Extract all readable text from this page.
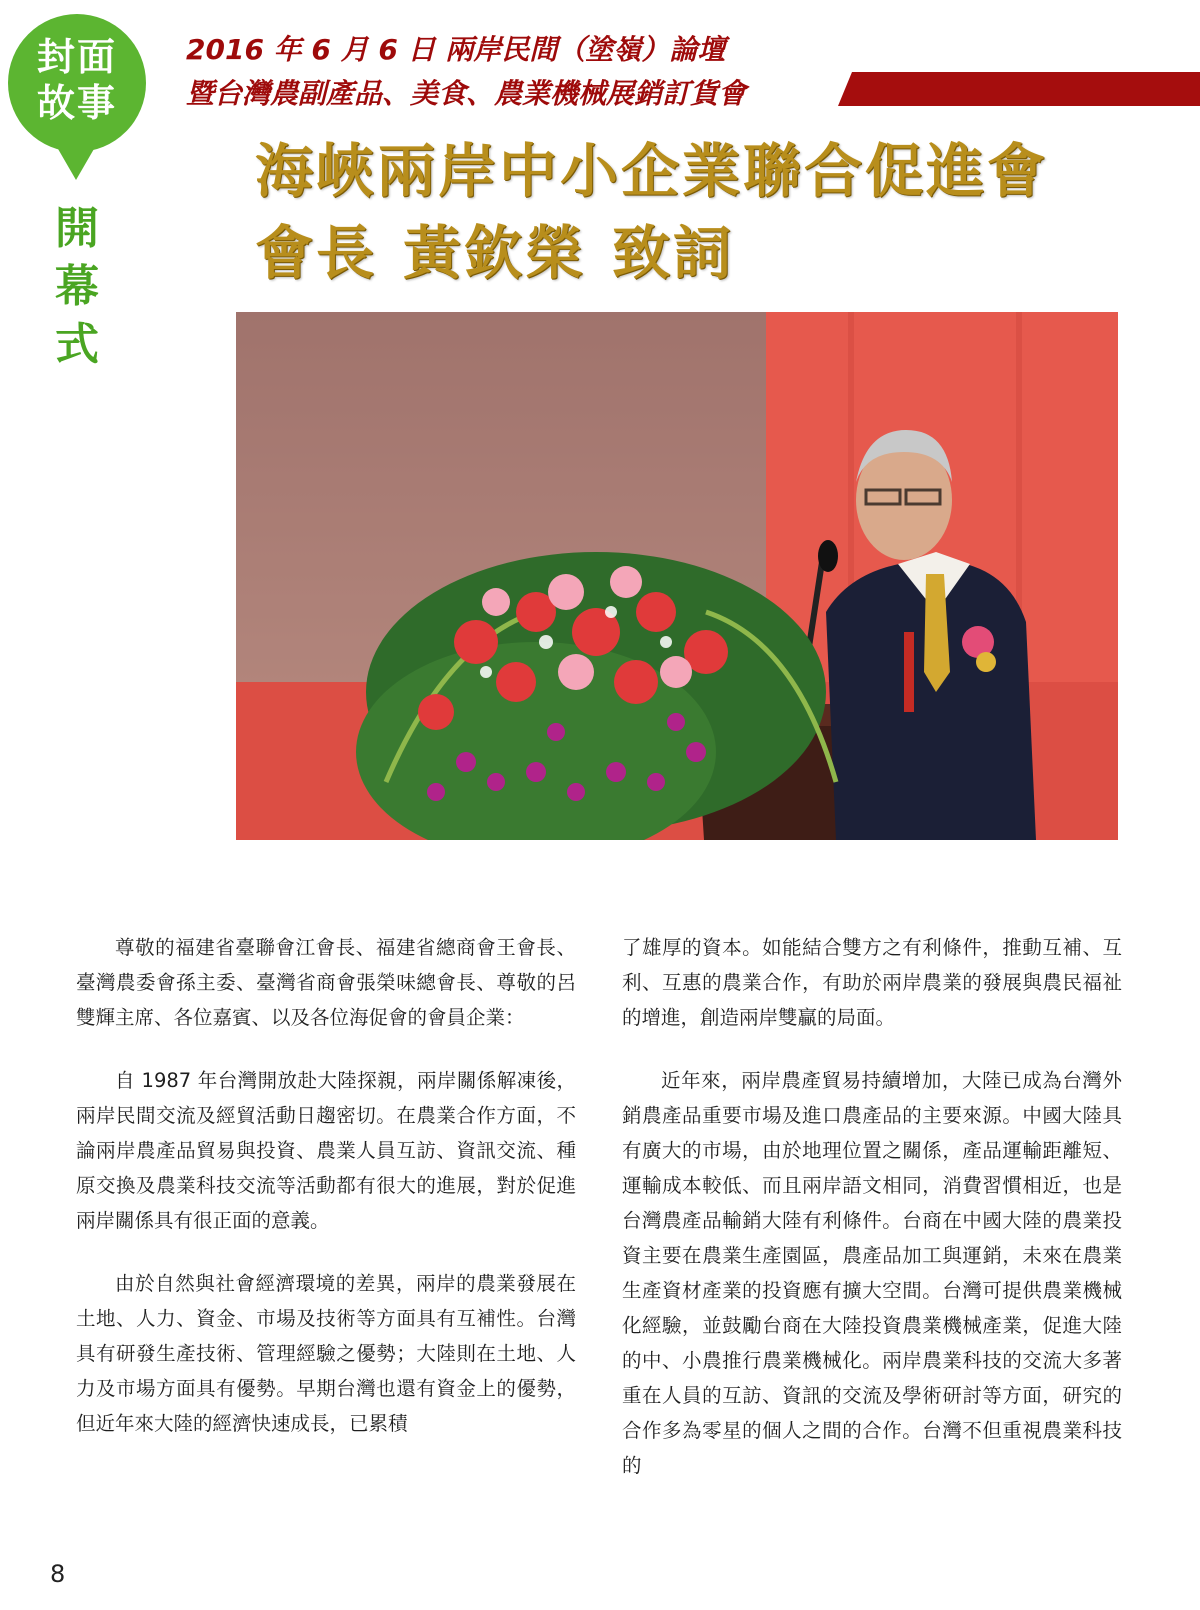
封面
故事
開
幕
式
2016 年 6 月 6 日 兩岸民間（塗嶺）論壇
暨台灣農副產品、美食、農業機械展銷訂貨會
海峽兩岸中小企業聯合促進會
會長 黃欽榮 致詞

尊敬的福建省臺聯會江會長、福建省總商會王會長、臺灣農委會孫主委、臺灣省商會張榮味總會長、尊敬的呂雙輝主席、各位嘉賓、以及各位海促會的會員企業：

自 1987 年台灣開放赴大陸探親，兩岸關係解凍後，兩岸民間交流及經貿活動日趨密切。在農業合作方面，不論兩岸農產品貿易與投資、農業人員互訪、資訊交流、種原交換及農業科技交流等活動都有很大的進展，對於促進兩岸關係具有很正面的意義。

由於自然與社會經濟環境的差異，兩岸的農業發展在土地、人力、資金、市場及技術等方面具有互補性。台灣具有研發生產技術、管理經驗之優勢；大陸則在土地、人力及市場方面具有優勢。早期台灣也還有資金上的優勢，但近年來大陸的經濟快速成長，已累積

了雄厚的資本。如能結合雙方之有利條件，推動互補、互利、互惠的農業合作，有助於兩岸農業的發展與農民福祉的增進，創造兩岸雙贏的局面。

近年來，兩岸農產貿易持續增加，大陸已成為台灣外銷農產品重要市場及進口農產品的主要來源。中國大陸具有廣大的市場，由於地理位置之關係，產品運輸距離短、運輸成本較低、而且兩岸語文相同，消費習慣相近，也是台灣農產品輸銷大陸有利條件。台商在中國大陸的農業投資主要在農業生產園區，農產品加工與運銷，未來在農業生產資材產業的投資應有擴大空間。台灣可提供農業機械化經驗，並鼓勵台商在大陸投資農業機械產業，促進大陸的中、小農推行農業機械化。兩岸農業科技的交流大多著重在人員的互訪、資訊的交流及學術研討等方面，研究的合作多為零星的個人之間的合作。台灣不但重視農業科技的

8
